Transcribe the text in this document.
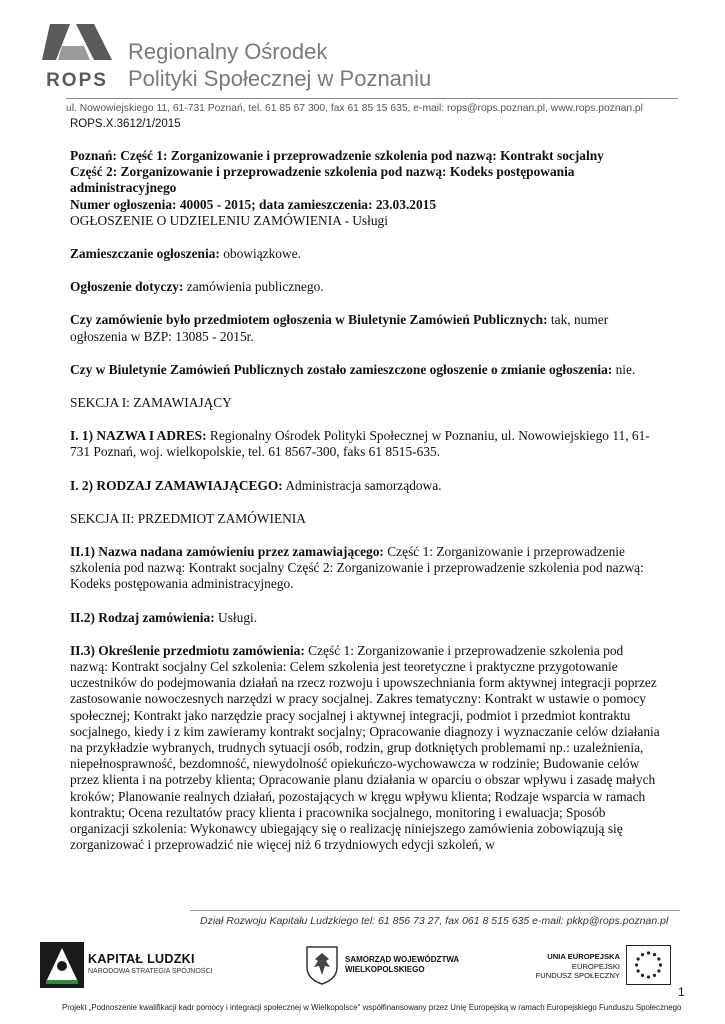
ROPS
Regionalny Ośrodek
Polityki Społecznej w Poznaniu
ul. Nowowiejskiego 11, 61-731 Poznań, tel. 61 85 67 300, fax 61 85 15 635, e-mail: rops@rops.poznan.pl, www.rops.poznan.pl
ROPS.X.3612/1/2015

Poznań: Część 1: Zorganizowanie i przeprowadzenie szkolenia pod nazwą: Kontrakt socjalny
Część 2: Zorganizowanie i przeprowadzenie szkolenia pod nazwą: Kodeks postępowania administracyjnego
Numer ogłoszenia: 40005 - 2015; data zamieszczenia: 23.03.2015

OGŁOSZENIE O UDZIELENIU ZAMÓWIENIA - Usługi

Zamieszczanie ogłoszenia: obowiązkowe.

Ogłoszenie dotyczy: zamówienia publicznego.

Czy zamówienie było przedmiotem ogłoszenia w Biuletynie Zamówień Publicznych: tak, numer ogłoszenia w BZP: 13085 - 2015r.

Czy w Biuletynie Zamówień Publicznych zostało zamieszczone ogłoszenie o zmianie ogłoszenia: nie.

SEKCJA I: ZAMAWIAJĄCY

I. 1) NAZWA I ADRES: Regionalny Ośrodek Polityki Społecznej w Poznaniu, ul. Nowowiejskiego 11, 61-731 Poznań, woj. wielkopolskie, tel. 61 8567-300, faks 61 8515-635.

I. 2) RODZAJ ZAMAWIAJĄCEGO: Administracja samorządowa.

SEKCJA II: PRZEDMIOT ZAMÓWIENIA

II.1) Nazwa nadana zamówieniu przez zamawiającego: Część 1: Zorganizowanie i przeprowadzenie szkolenia pod nazwą: Kontrakt socjalny Część 2: Zorganizowanie i przeprowadzenie szkolenia pod nazwą: Kodeks postępowania administracyjnego.

II.2) Rodzaj zamówienia: Usługi.

II.3) Określenie przedmiotu zamówienia: Część 1: Zorganizowanie i przeprowadzenie szkolenia pod nazwą: Kontrakt socjalny Cel szkolenia: Celem szkolenia jest teoretyczne i praktyczne przygotowanie uczestników do podejmowania działań na rzecz rozwoju i upowszechniania form aktywnej integracji poprzez zastosowanie nowoczesnych narzędzi w pracy socjalnej. Zakres tematyczny: Kontrakt w ustawie o pomocy społecznej; Kontrakt jako narzędzie pracy socjalnej i aktywnej integracji, podmiot i przedmiot kontraktu socjalnego, kiedy i z kim zawieramy kontrakt socjalny; Opracowanie diagnozy i wyznaczanie celów działania na przykładzie wybranych, trudnych sytuacji osób, rodzin, grup dotkniętych problemami np.: uzależnienia, niepełnosprawność, bezdomność, niewydolność opiekuńczo-wychowawcza w rodzinie; Budowanie celów przez klienta i na potrzeby klienta; Opracowanie planu działania w oparciu o obszar wpływu i zasadę małych kroków; Planowanie realnych działań, pozostających w kręgu wpływu klienta; Rodzaje wsparcia w ramach kontraktu; Ocena rezultatów pracy klienta i pracownika socjalnego, monitoring i ewaluacja; Sposób organizacji szkolenia: Wykonawcy ubiegający się o realizację niniejszego zamówienia zobowiązują się zorganizować i przeprowadzić nie więcej niż 6 trzydniowych edycji szkoleń, w

Dział Rozwoju Kapitału Ludzkiego tel: 61 856 73 27, fax 061 8 515 635 e-mail: pkkp@rops.poznan.pl
KAPITAŁ LUDZKI
NARODOWA STRATEGIA SPÓJNOŚCI
SAMORZĄD WOJEWÓDZTWA
WIELKOPOLSKIEGO
UNIA EUROPEJSKA
EUROPEJSKI
FUNDUSZ SPOŁECZNY
Projekt „Podnoszenie kwalifikacji kadr pomocy i integracji społecznej w Wielkopolsce" współfinansowany przez Unię Europejską w ramach Europejskiego Funduszu Społecznego
1
